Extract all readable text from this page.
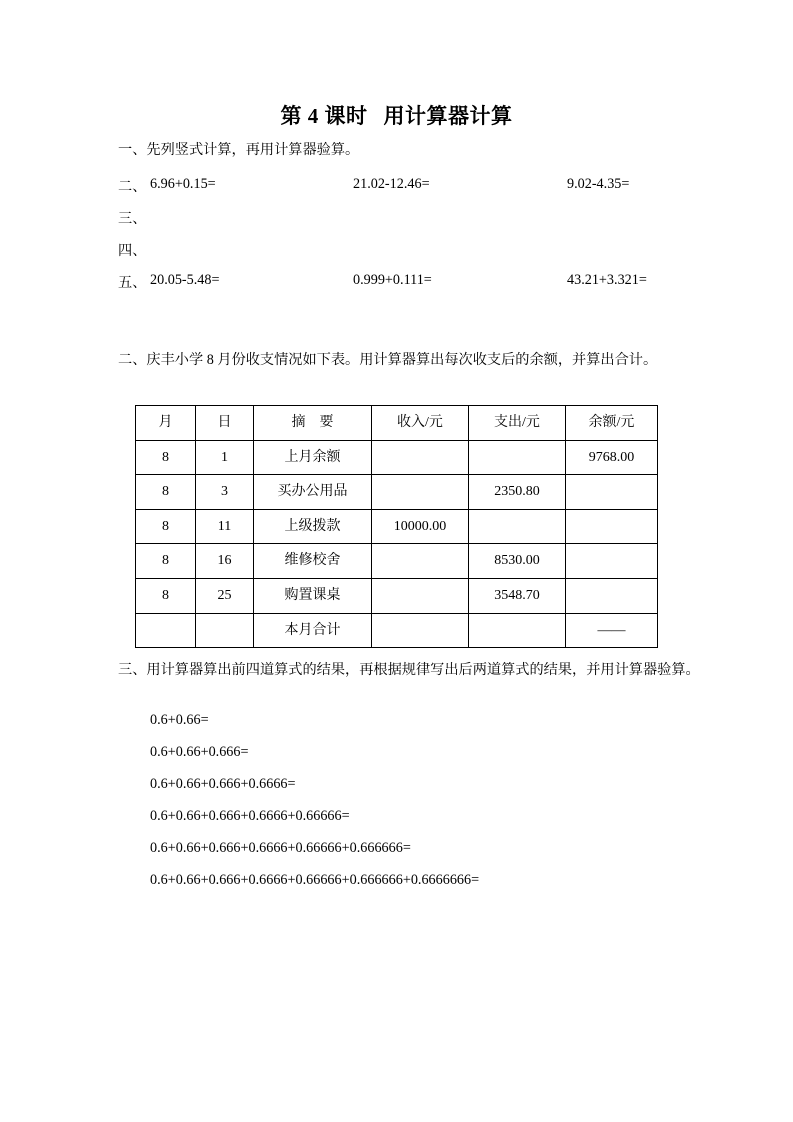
第 4 课时 用计算器计算
一、先列竖式计算，再用计算器验算。
二、 6.96+0.15=	21.02-12.46=	9.02-4.35=
三、
四、
五、 20.05-5.48=	0.999+0.111=	43.21+3.321=
二、庆丰小学 8 月份收支情况如下表。用计算器算出每次收支后的余额，并算出合计。
月	日	摘　要	收入/元	支出/元	余额/元
8	1	上月余额			9768.00
8	3	买办公用品		2350.80	
8	11	上级拨款	10000.00		
8	16	维修校舍		8530.00	
8	25	购置课桌		3548.70	
		本月合计			——
三、用计算器算出前四道算式的结果，再根据规律写出后两道算式的结果，并用计算器验算。
0.6+0.66=
0.6+0.66+0.666=
0.6+0.66+0.666+0.6666=
0.6+0.66+0.666+0.6666+0.66666=
0.6+0.66+0.666+0.6666+0.66666+0.666666=
0.6+0.66+0.666+0.6666+0.66666+0.666666+0.6666666=
